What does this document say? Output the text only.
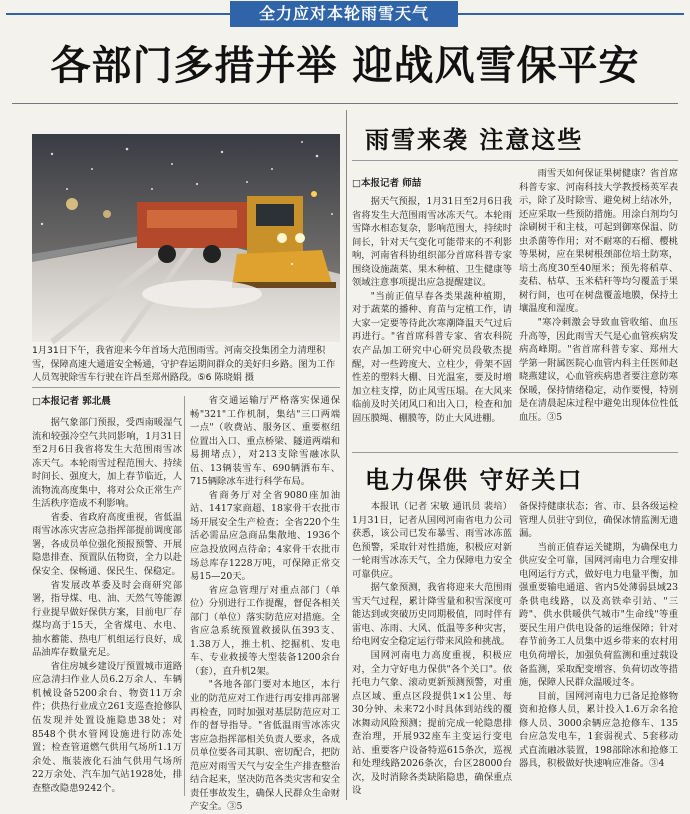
全力应对本轮雨雪天气
各部门多措并举 迎战风雪保平安
1月31日下午，我省迎来今年首场大范围雨雪。河南交投集团全力清理积雪，保障高速大通道安全畅通，守护春运期间群众的美好归乡路。图为工作人员驾驶除雪车行驶在许昌至郑州路段。⑤6 陈晓娟 摄
□本报记者 郭北晨

据气象部门预报，受西南暖湿气流和较强冷空气共同影响，1月31日至2月6日我省将发生大范围雨雪冰冻天气。本轮雨雪过程范围大、持续时间长、强度大，加上春节临近，人流物流高度集中，将对公众正常生产生活秩序造成不利影响。

省委、省政府高度重视，省低温雨雪冰冻灾害应急指挥部提前调度部署，各成员单位强化预报预警、开展隐患排查、预置队伍物资，全力以赴保安全、保畅通、保民生、保稳定。

省发展改革委及时会商研究部署，指导煤、电、油、天然气等能源行业提早做好保供方案，目前电厂存煤均高于15天，全省煤电、水电、抽水蓄能、热电厂机组运行良好，成品油库存数量充足。

省住房城乡建设厅预置城市道路应急清扫作业人员6.2万余人、车辆机械设备5200余台、物资11万余件；供热行业成立261支巡查抢修队伍发现并处置设施隐患38处；对8548个供水管网设施进行防冻处置；检查管道燃气供用气场所1.1万余处、瓶装液化石油气供用气场所22万余处、汽车加气站1928处，排查整改隐患9242个。

省交通运输厅严格落实保通保畅"321"工作机制，集结"三口两端一点"（收费站、服务区、重要枢纽位置出入口、重点桥梁、隧道两端和易拥堵点），对213支除雪融冰队伍、13辆装雪车、690辆洒布车、715辆除冰车进行科学布局。

省商务厅对全省9080座加油站、1417家商超、18家骨干农批市场开展安全生产检查；全省220个生活必需品应急商品集散地、1936个应急投放网点待命；4家骨干农批市场总库存1228万吨，可保障正常交易15—20天。

省应急管理厅对重点部门（单位）分别进行工作提醒，督促各相关部门（单位）落实防范应对措施。全省应急系统预置救援队伍393支、1.38万人，推土机、挖掘机、发电车、专业救援等大型装备1200余台（套），直升机2架。

"各地各部门要对本地区，本行业的防范应对工作进行再安排再部署再检查，同时加强对基层防范应对工作的督导指导。"省低温雨雪冰冻灾害应急指挥部相关负责人要求，各成员单位要各司其职、密切配合，把防范应对雨雪天气与安全生产排查整治结合起来，坚决防范各类灾害和安全责任事故发生，确保人民群众生命财产安全。③5

雨雪来袭 注意这些
□本报记者 师喆

据天气预报，1月31日至2月6日我省将发生大范围雨雪冰冻天气。本轮雨雪降水相态复杂，影响范围大，持续时间长，针对天气变化可能带来的不利影响，河南省科协组织部分首席科普专家围绕设施蔬菜、果木种植、卫生健康等领域注意事项提出应急提醒建议。

"当前正值早春各类果蔬种植期，对于蔬菜的播种、育苗与定植工作，请大家一定要等待此次寒潮降温天气过后再进行。"省首席科普专家、省农科院农产品加工研究中心研究员段敬杰提醒，对一些跨度大、立柱少，骨架不固性差的塑料大棚、日光温室，要及时增加立柱支撑，防止风雪压塌。在大风来临前及时关闭风口和出入口，检查和加固压膜绳、棚膜等，防止大风进棚。

雨雪天如何保证果树健康？省首席科普专家、河南科技大学教授杨英军表示，除了及时除雪、避免树上结冰外，还应采取一些预防措施。用涂白剂均匀涂刷树干和主枝，可起到御寒保温、防虫杀菌等作用；对不耐寒的石榴、樱桃等果树，应在果树根颈部位培土防寒，培土高度30至40厘米；预先将稻草、麦秸、枯草、玉米秸秆等均匀覆盖于果树行间，也可在树盘覆盖地膜，保持土壤温度和湿度。

"寒冷刺激会导致血管收缩、血压升高等，因此雨雪天气是心血管疾病发病高峰期。"省首席科普专家、郑州大学第一附属医院心血管内科主任医师赵晓燕建议，心血管疾病患者要注意防寒保暖，保持情绪稳定，动作要慢，特别是在清晨起床过程中避免出现体位性低血压。③5

电力保供 守好关口

本报讯（记者 宋敏 通讯员 裴培）1月31日，记者从国网河南省电力公司获悉，该公司已发布暴雪、雨雪冰冻蓝色预警，采取针对性措施，积极应对新一轮雨雪冰冻天气，全力保障电力安全可靠供应。

据气象预测，我省将迎来大范围雨雪天气过程，累计降雪量和积雪深度可能达到或突破历史同期极值，同时伴有雷电、冻雨、大风、低温等多种灾害，给电网安全稳定运行带来风险和挑战。

国网河南电力高度重视，积极应对，全力守好电力保供"各个关口"。依托电力气象、滚动更新预测预警，对重点区域、重点区段提供1×1公里、每30分钟、未来72小时具体到站线的覆冰舞动风险预测；提前完成一轮隐患排查治理，开展932座车主变运行变电站、重要客户设备特巡615条次，巡视和处理线路2026条次，台区28000台次，及时消除各类缺陷隐患，确保重点设

备保持健康状态；省、市、县各级运检管理人员驻守到位，确保冰情监测无遗漏。

当前正值春运关键期，为确保电力供应安全可靠，国网河南电力合理安排电网运行方式，做好电力电量平衡，加强重要输电通道、省内5处薄弱县域23条供电线路，以及高铁牵引站、"三跨"、供水供暖供气城市"生命线"等重要民生用户供电设备的运维保障；针对春节前务工人员集中返乡带来的农村用电负荷增长，加强负荷监测和重过载设备监测，采取配变增容、负荷切改等措施，保障人民群众温暖过冬。

目前，国网河南电力已备足抢修物资和抢修人员，累计投入1.6万余名抢修人员、3000余辆应急抢修车、135台应急发电车，1套弱视式、5套移动式直流融冰装置，198部除冰和抢修工器具，积极做好快速响应准备。③4
